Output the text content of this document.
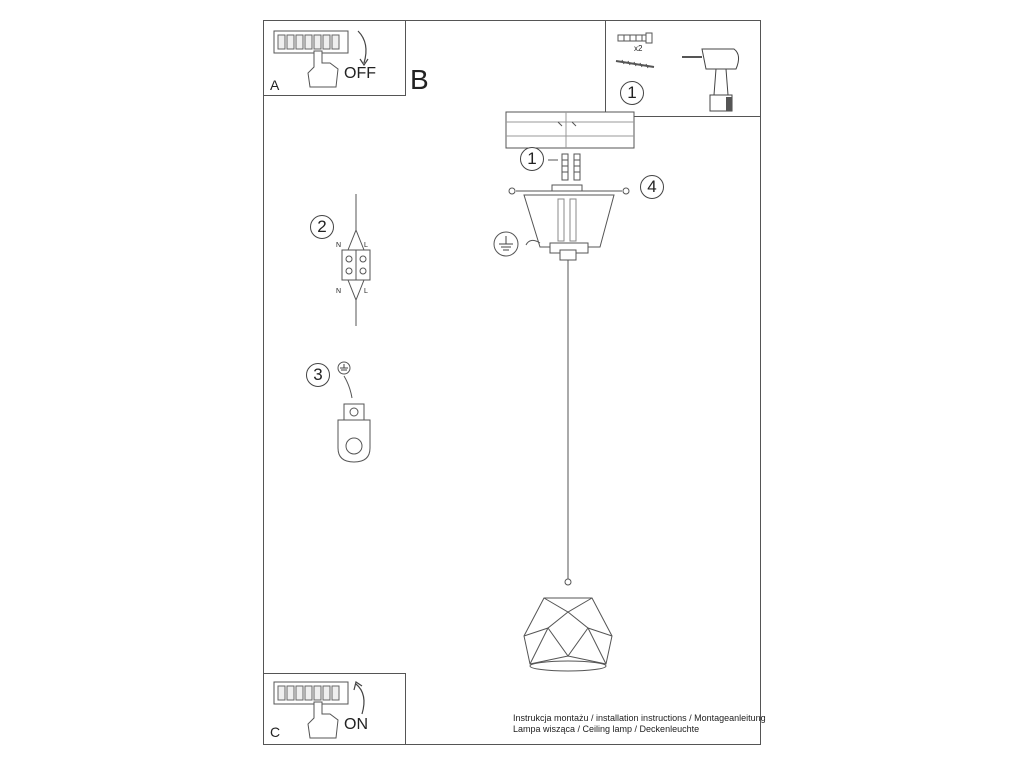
A
OFF B
x2
1
1
4
2
N	L
N	L
3
C	ON	Instrukcja montażu / installation instructions / Montageanleitung
Lampa wisząca / Ceiling lamp / Deckenleuchte
